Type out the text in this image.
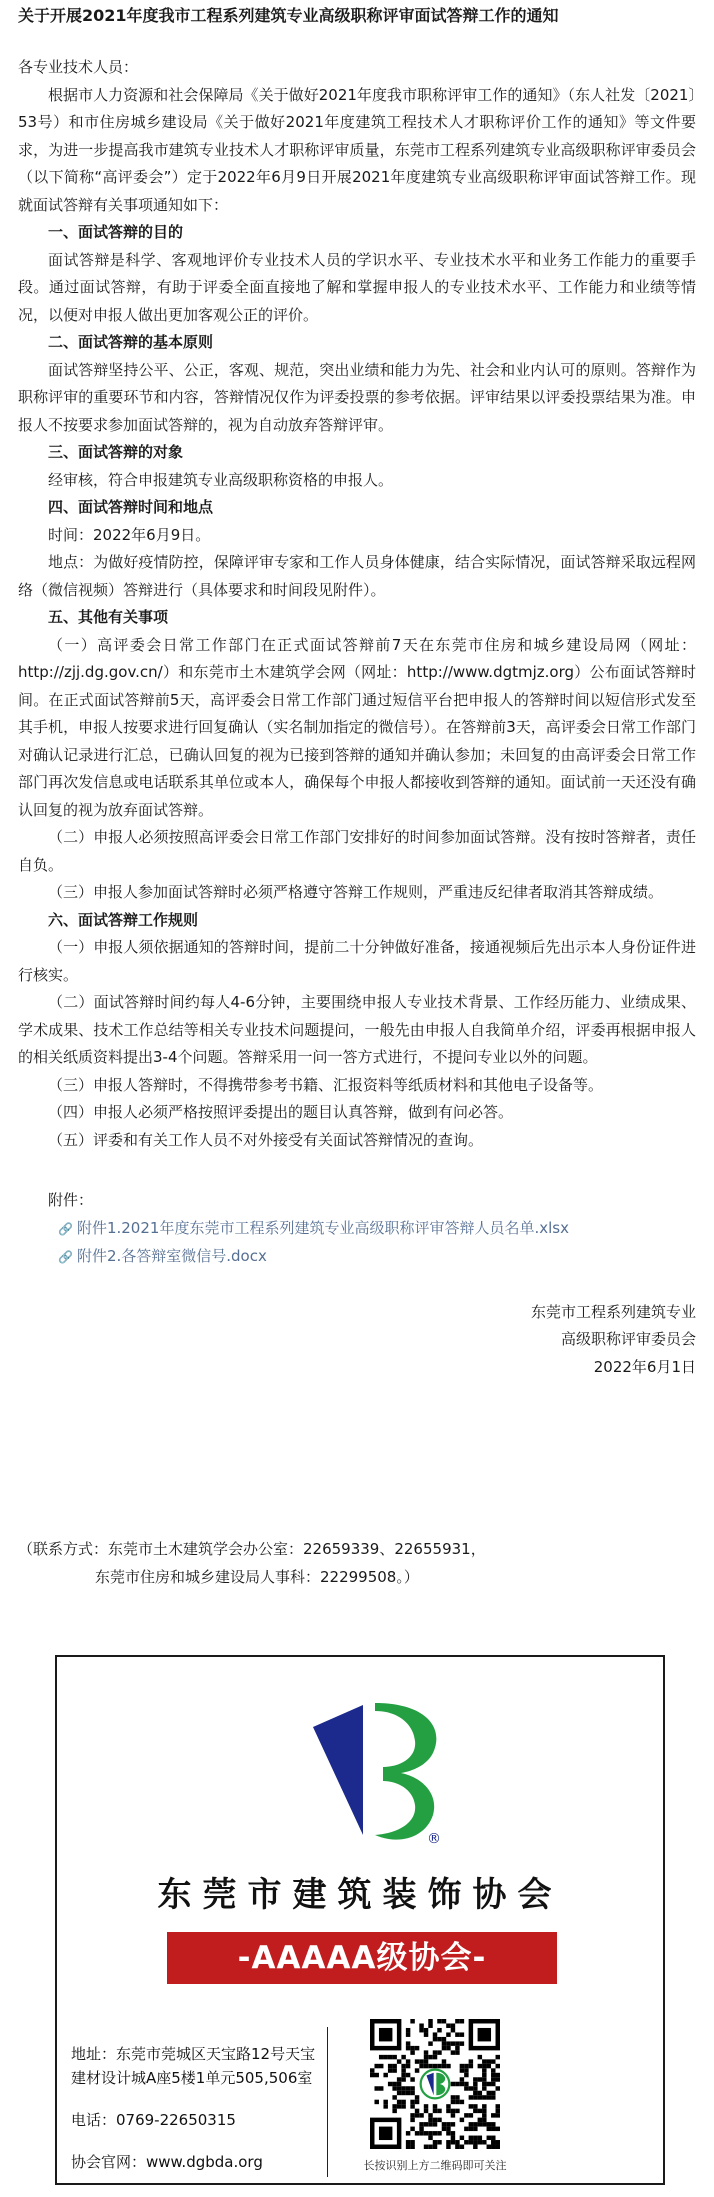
关于开展2021年度我市工程系列建筑专业高级职称评审面试答辩工作的通知

各专业技术人员：

根据市人力资源和社会保障局《关于做好2021年度我市职称评审工作的通知》（东人社发〔2021〕53号）和市住房城乡建设局《关于做好2021年度建筑工程技术人才职称评价工作的通知》等文件要求，为进一步提高我市建筑专业技术人才职称评审质量，东莞市工程系列建筑专业高级职称评审委员会（以下简称“高评委会”）定于2022年6月9日开展2021年度建筑专业高级职称评审面试答辩工作。现就面试答辩有关事项通知如下：

一、面试答辩的目的

面试答辩是科学、客观地评价专业技术人员的学识水平、专业技术水平和业务工作能力的重要手段。通过面试答辩，有助于评委全面直接地了解和掌握申报人的专业技术水平、工作能力和业绩等情况，以便对申报人做出更加客观公正的评价。

二、面试答辩的基本原则

面试答辩坚持公平、公正，客观、规范，突出业绩和能力为先、社会和业内认可的原则。答辩作为职称评审的重要环节和内容，答辩情况仅作为评委投票的参考依据。评审结果以评委投票结果为准。申报人不按要求参加面试答辩的，视为自动放弃答辩评审。

三、面试答辩的对象

经审核，符合申报建筑专业高级职称资格的申报人。

四、面试答辩时间和地点

时间：2022年6月9日。

地点：为做好疫情防控，保障评审专家和工作人员身体健康，结合实际情况，面试答辩采取远程网络（微信视频）答辩进行（具体要求和时间段见附件）。

五、其他有关事项

（一）高评委会日常工作部门在正式面试答辩前7天在东莞市住房和城乡建设局网（网址：http://zjj.dg.gov.cn/）和东莞市土木建筑学会网（网址：http://www.dgtmjz.org）公布面试答辩时间。在正式面试答辩前5天，高评委会日常工作部门通过短信平台把申报人的答辩时间以短信形式发至其手机，申报人按要求进行回复确认（实名制加指定的微信号）。在答辩前3天，高评委会日常工作部门对确认记录进行汇总，已确认回复的视为已接到答辩的通知并确认参加；未回复的由高评委会日常工作部门再次发信息或电话联系其单位或本人，确保每个申报人都接收到答辩的通知。面试前一天还没有确认回复的视为放弃面试答辩。

（二）申报人必须按照高评委会日常工作部门安排好的时间参加面试答辩。没有按时答辩者，责任自负。

（三）申报人参加面试答辩时必须严格遵守答辩工作规则，严重违反纪律者取消其答辩成绩。

六、面试答辩工作规则

（一）申报人须依据通知的答辩时间，提前二十分钟做好准备，接通视频后先出示本人身份证件进行核实。

（二）面试答辩时间约每人4-6分钟，主要围绕申报人专业技术背景、工作经历能力、业绩成果、学术成果、技术工作总结等相关专业技术问题提问，一般先由申报人自我简单介绍，评委再根据申报人的相关纸质资料提出3-4个问题。答辩采用一问一答方式进行，不提问专业以外的问题。

（三）申报人答辩时，不得携带参考书籍、汇报资料等纸质材料和其他电子设备等。

（四）申报人必须严格按照评委提出的题目认真答辩，做到有问必答。

（五）评委和有关工作人员不对外接受有关面试答辩情况的查询。

附件：

🔗 附件1.2021年度东莞市工程系列建筑专业高级职称评审答辩人员名单.xlsx

🔗 附件2.各答辩室微信号.docx

东莞市工程系列建筑专业

高级职称评审委员会

2022年6月1日

（联系方式：东莞市土木建筑学会办公室：22659339、22655931，

东莞市住房和城乡建设局人事科：22299508。）

®
东莞市建筑装饰协会
-AAAAA级协会-

地址：东莞市莞城区天宝路12号天宝建材设计城A座5楼1单元505,506室

电话：0769-22650315

协会官网：www.dgbda.org	长按识别上方二维码即可关注
